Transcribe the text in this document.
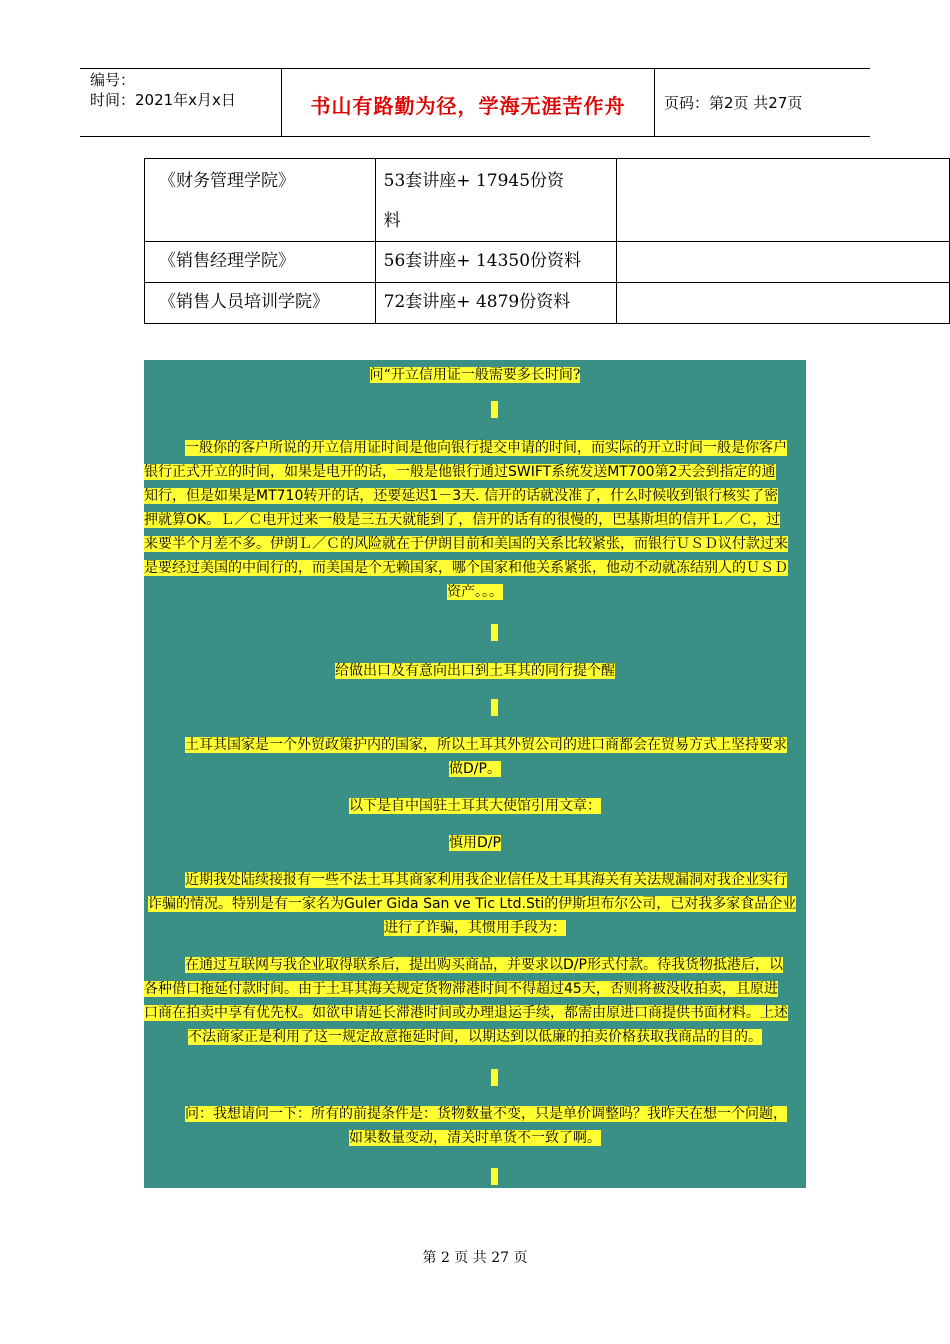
编号：
时间：2021年x月x日	书山有路勤为径，学海无涯苦作舟	页码：第2页 共27页
《财务管理学院》	53套讲座+ 17945份资
料	
《销售经理学院》	56套讲座+ 14350份资料	
《销售人员培训学院》	72套讲座+ 4879份资料	
问“开立信用证一般需要多长时间?
一般你的客户所说的开立信用证时间是他向银行提交申请的时间，而实际的开立时间一般是你客户
银行正式开立的时间，如果是电开的话，一般是他银行通过SWIFT系统发送MT700第2天会到指定的通
知行，但是如果是MT710转开的话，还要延迟1－3天. 信开的话就没准了，什么时候收到银行核实了密
押就算OK。Ｌ／Ｃ电开过来一般是三五天就能到了，信开的话有的很慢的，巴基斯坦的信开Ｌ／Ｃ，过
来要半个月差不多。伊朗Ｌ／Ｃ的风险就在于伊朗目前和美国的关系比较紧张，而银行ＵＳＤ议付款过来
是要经过美国的中间行的，而美国是个无赖国家，哪个国家和他关系紧张，他动不动就冻结别人的ＵＳＤ
资产。。。
给做出口及有意向出口到土耳其的同行提个醒
土耳其国家是一个外贸政策护内的国家，所以土耳其外贸公司的进口商都会在贸易方式上坚持要求
做D/P。
以下是自中国驻土耳其大使馆引用文章：
慎用D/P
近期我处陆续接报有一些不法土耳其商家利用我企业信任及土耳其海关有关法规漏洞对我企业实行
诈骗的情况。特别是有一家名为Guler Gida San ve Tic Ltd.Sti的伊斯坦布尔公司，已对我多家食品企业
进行了诈骗，其惯用手段为：
在通过互联网与我企业取得联系后，提出购买商品，并要求以D/P形式付款。待我货物抵港后，以
各种借口拖延付款时间。由于土耳其海关规定货物滞港时间不得超过45天，否则将被没收拍卖，且原进
口商在拍卖中享有优先权。如欲申请延长滞港时间或办理退运手续，都需由原进口商提供书面材料。上述
不法商家正是利用了这一规定故意拖延时间，以期达到以低廉的拍卖价格获取我商品的目的。
问：我想请问一下：所有的前提条件是：货物数量不变，只是单价调整吗？我昨天在想一个问题，
如果数量变动，清关时单货不一致了啊。
第 2 页 共 27 页
